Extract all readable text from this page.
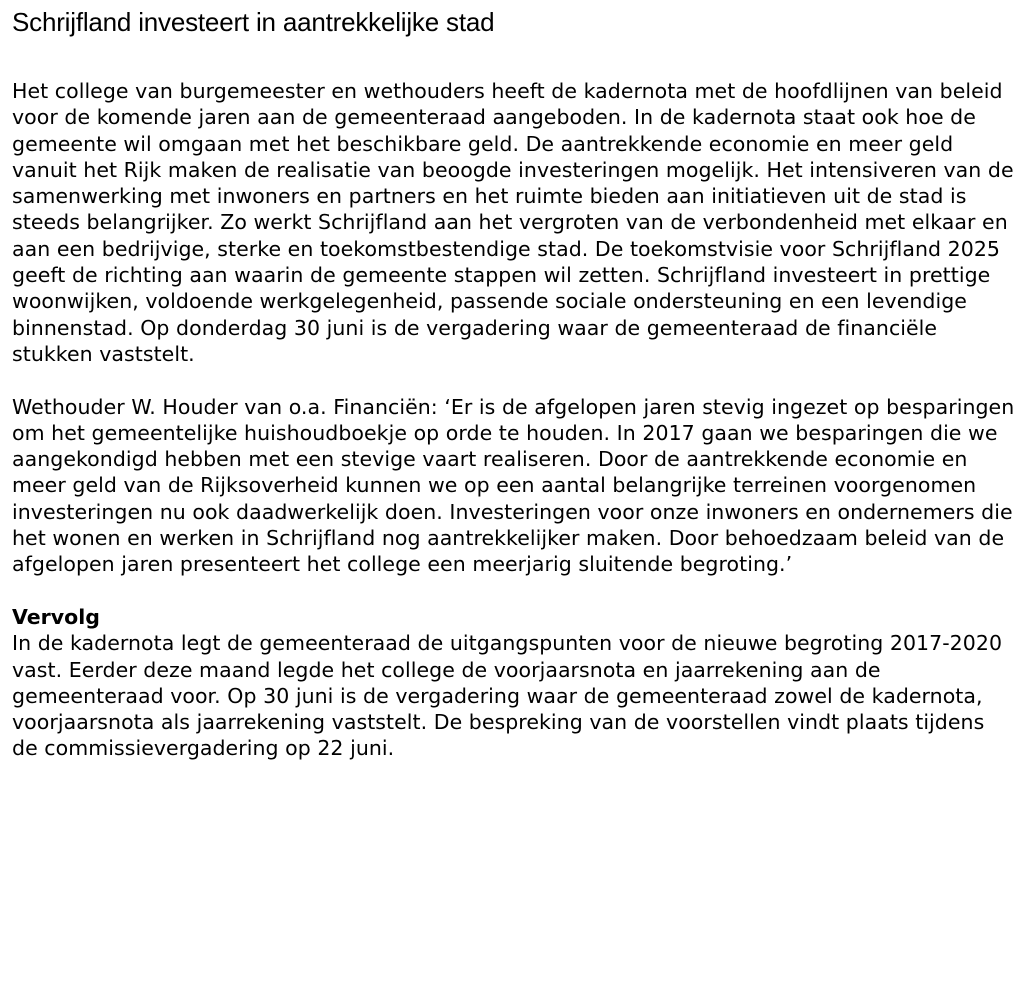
Schrijfland investeert in aantrekkelijke stad

Het college van burgemeester en wethouders heeft de kadernota met de hoofdlijnen van beleid voor de komende jaren aan de gemeenteraad aangeboden. In de kadernota staat ook hoe de gemeente wil omgaan met het beschikbare geld. De aantrekkende economie en meer geld vanuit het Rijk maken de realisatie van beoogde investeringen mogelijk. Het intensiveren van de samenwerking met inwoners en partners en het ruimte bieden aan initiatieven uit de stad is steeds belangrijker. Zo werkt Schrijfland aan het vergroten van de verbondenheid met elkaar en aan een bedrijvige, sterke en toekomstbestendige stad. De toekomstvisie voor Schrijfland 2025 geeft de richting aan waarin de gemeente stappen wil zetten. Schrijfland investeert in prettige woonwijken, voldoende werkgelegenheid, passende sociale ondersteuning en een levendige binnenstad. Op donderdag 30 juni is de vergadering waar de gemeenteraad de financiële stukken vaststelt.

Wethouder W. Houder van o.a. Financiën: ‘Er is de afgelopen jaren stevig ingezet op besparingen om het gemeentelijke huishoudboekje op orde te houden. In 2017 gaan we besparingen die we aangekondigd hebben met een stevige vaart realiseren. Door de aantrekkende economie en meer geld van de Rijksoverheid kunnen we op een aantal belangrijke terreinen voorgenomen investeringen nu ook daadwerkelijk doen. Investeringen voor onze inwoners en ondernemers die het wonen en werken in Schrijfland nog aantrekkelijker maken. Door behoedzaam beleid van de afgelopen jaren presenteert het college een meerjarig sluitende begroting.’

Vervolg

In de kadernota legt de gemeenteraad de uitgangspunten voor de nieuwe begroting 2017-2020 vast. Eerder deze maand legde het college de voorjaarsnota en jaarrekening aan de gemeenteraad voor. Op 30 juni is de vergadering waar de gemeenteraad zowel de kadernota, voorjaarsnota als jaarrekening vaststelt. De bespreking van de voorstellen vindt plaats tijdens de commissievergadering op 22 juni.
